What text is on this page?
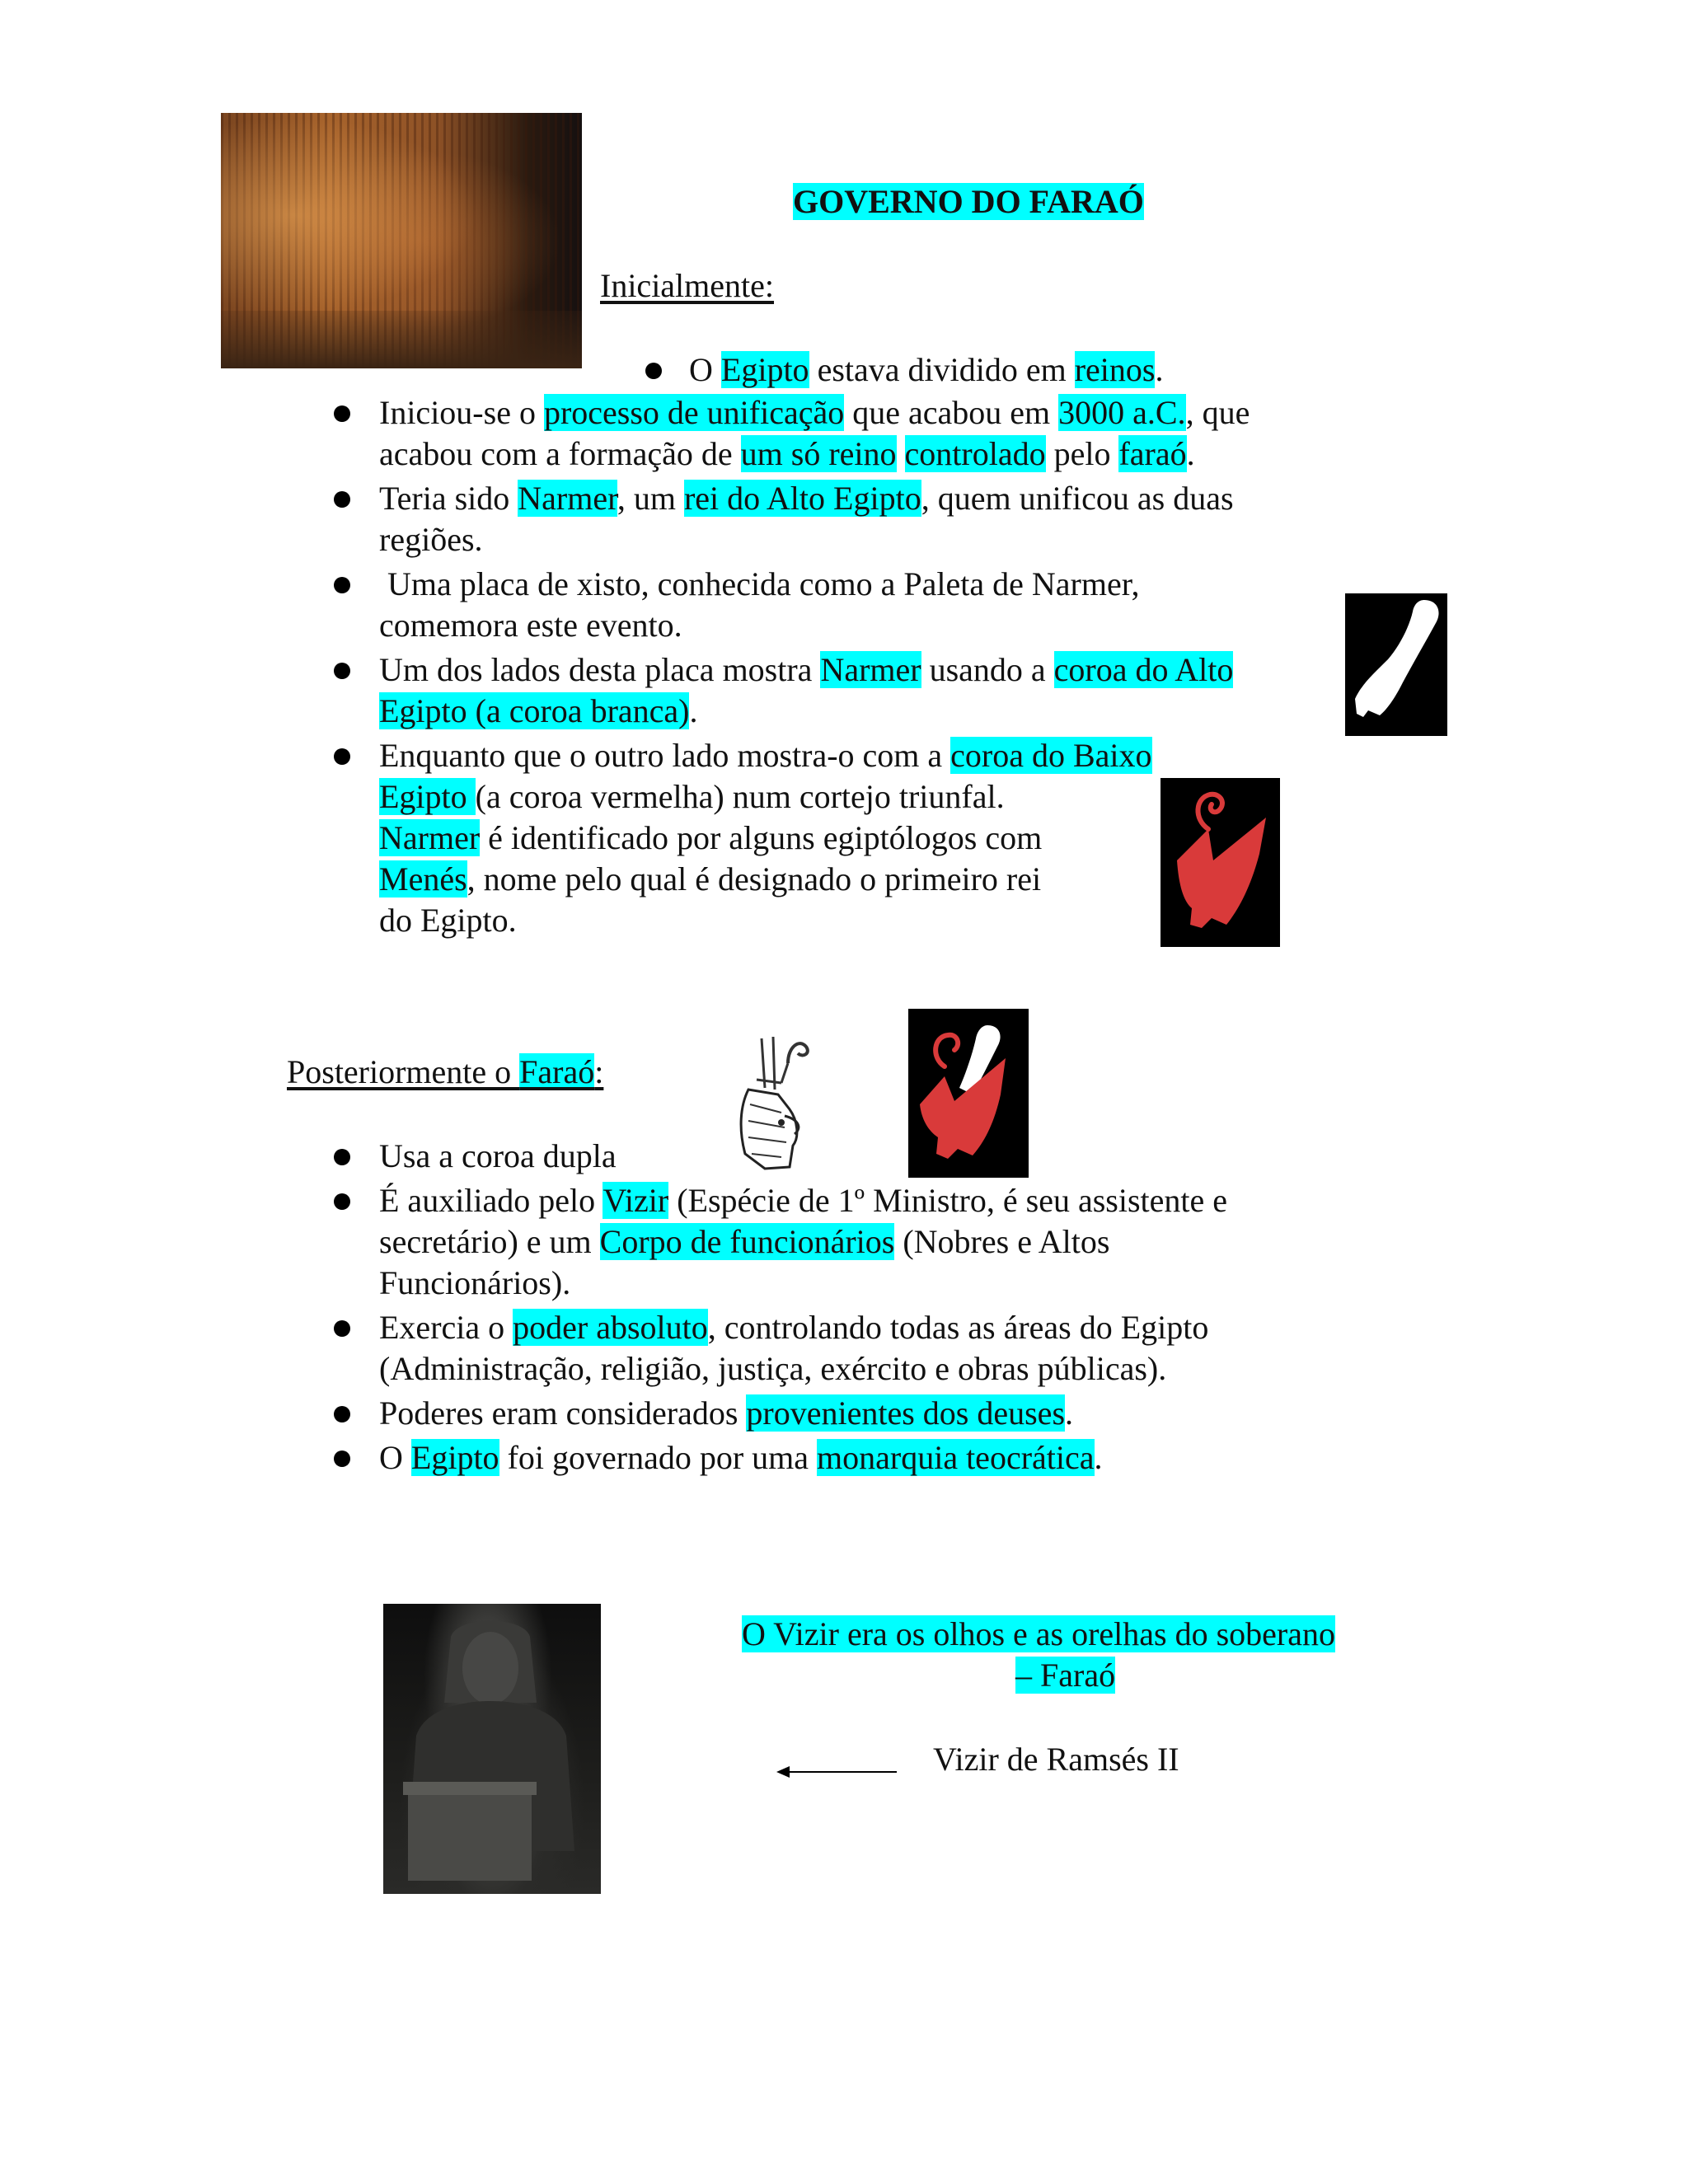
GOVERNO DO FARAÓ
Inicialmente:
O Egipto estava dividido em reinos.
Iniciou-se o processo de unificação que acabou em 3000 a.C., que
acabou com a formação de um só reino controlado pelo faraó.
Teria sido Narmer, um rei do Alto Egipto, quem unificou as duas
regiões.
Uma placa de xisto, conhecida como a Paleta de Narmer,
comemora este evento.
Um dos lados desta placa mostra Narmer usando a coroa do Alto
Egipto (a coroa branca).
Enquanto que o outro lado mostra-o com a coroa do Baixo
Egipto (a coroa vermelha) num cortejo triunfal.
Narmer é identificado por alguns egiptólogos com
Menés, nome pelo qual é designado o primeiro rei
do Egipto.
Posteriormente o Faraó:
Usa a coroa dupla
É auxiliado pelo Vizir (Espécie de 1º Ministro, é seu assistente e
secretário) e um Corpo de funcionários (Nobres e Altos
Funcionários).
Exercia o poder absoluto, controlando todas as áreas do Egipto
(Administração, religião, justiça, exército e obras públicas).
Poderes eram considerados provenientes dos deuses.
O Egipto foi governado por uma monarquia teocrática.
O Vizir era os olhos e as orelhas do soberano
– Faraó
Vizir de Ramsés II
